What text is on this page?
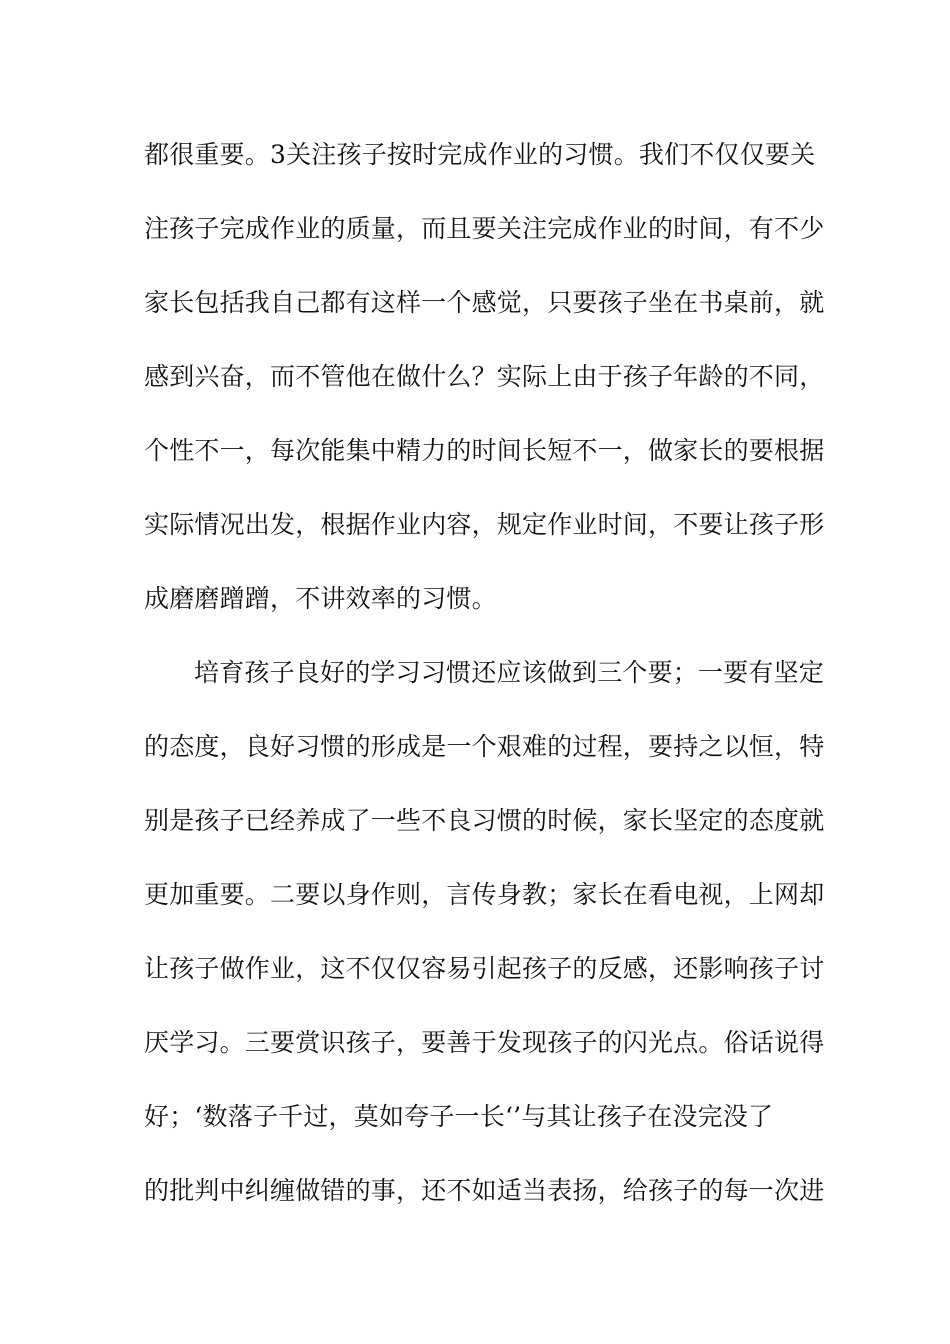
都很重要。3关注孩子按时完成作业的习惯。我们不仅仅要关
注孩子完成作业的质量，而且要关注完成作业的时间，有不少
家长包括我自己都有这样一个感觉，只要孩子坐在书桌前，就
感到兴奋，而不管他在做什么？实际上由于孩子年龄的不同，
个性不一，每次能集中精力的时间长短不一，做家长的要根据
实际情况出发，根据作业内容，规定作业时间，不要让孩子形
成磨磨蹭蹭，不讲效率的习惯。
培育孩子良好的学习习惯还应该做到三个要；一要有坚定
的态度，良好习惯的形成是一个艰难的过程，要持之以恒，特
别是孩子已经养成了一些不良习惯的时候，家长坚定的态度就
更加重要。二要以身作则，言传身教；家长在看电视，上网却
让孩子做作业，这不仅仅容易引起孩子的反感，还影响孩子讨
厌学习。三要赏识孩子，要善于发现孩子的闪光点。俗话说得
好；‘数落子千过，莫如夸子一长‘’与其让孩子在没完没了
的批判中纠缠做错的事，还不如适当表扬，给孩子的每一次进
